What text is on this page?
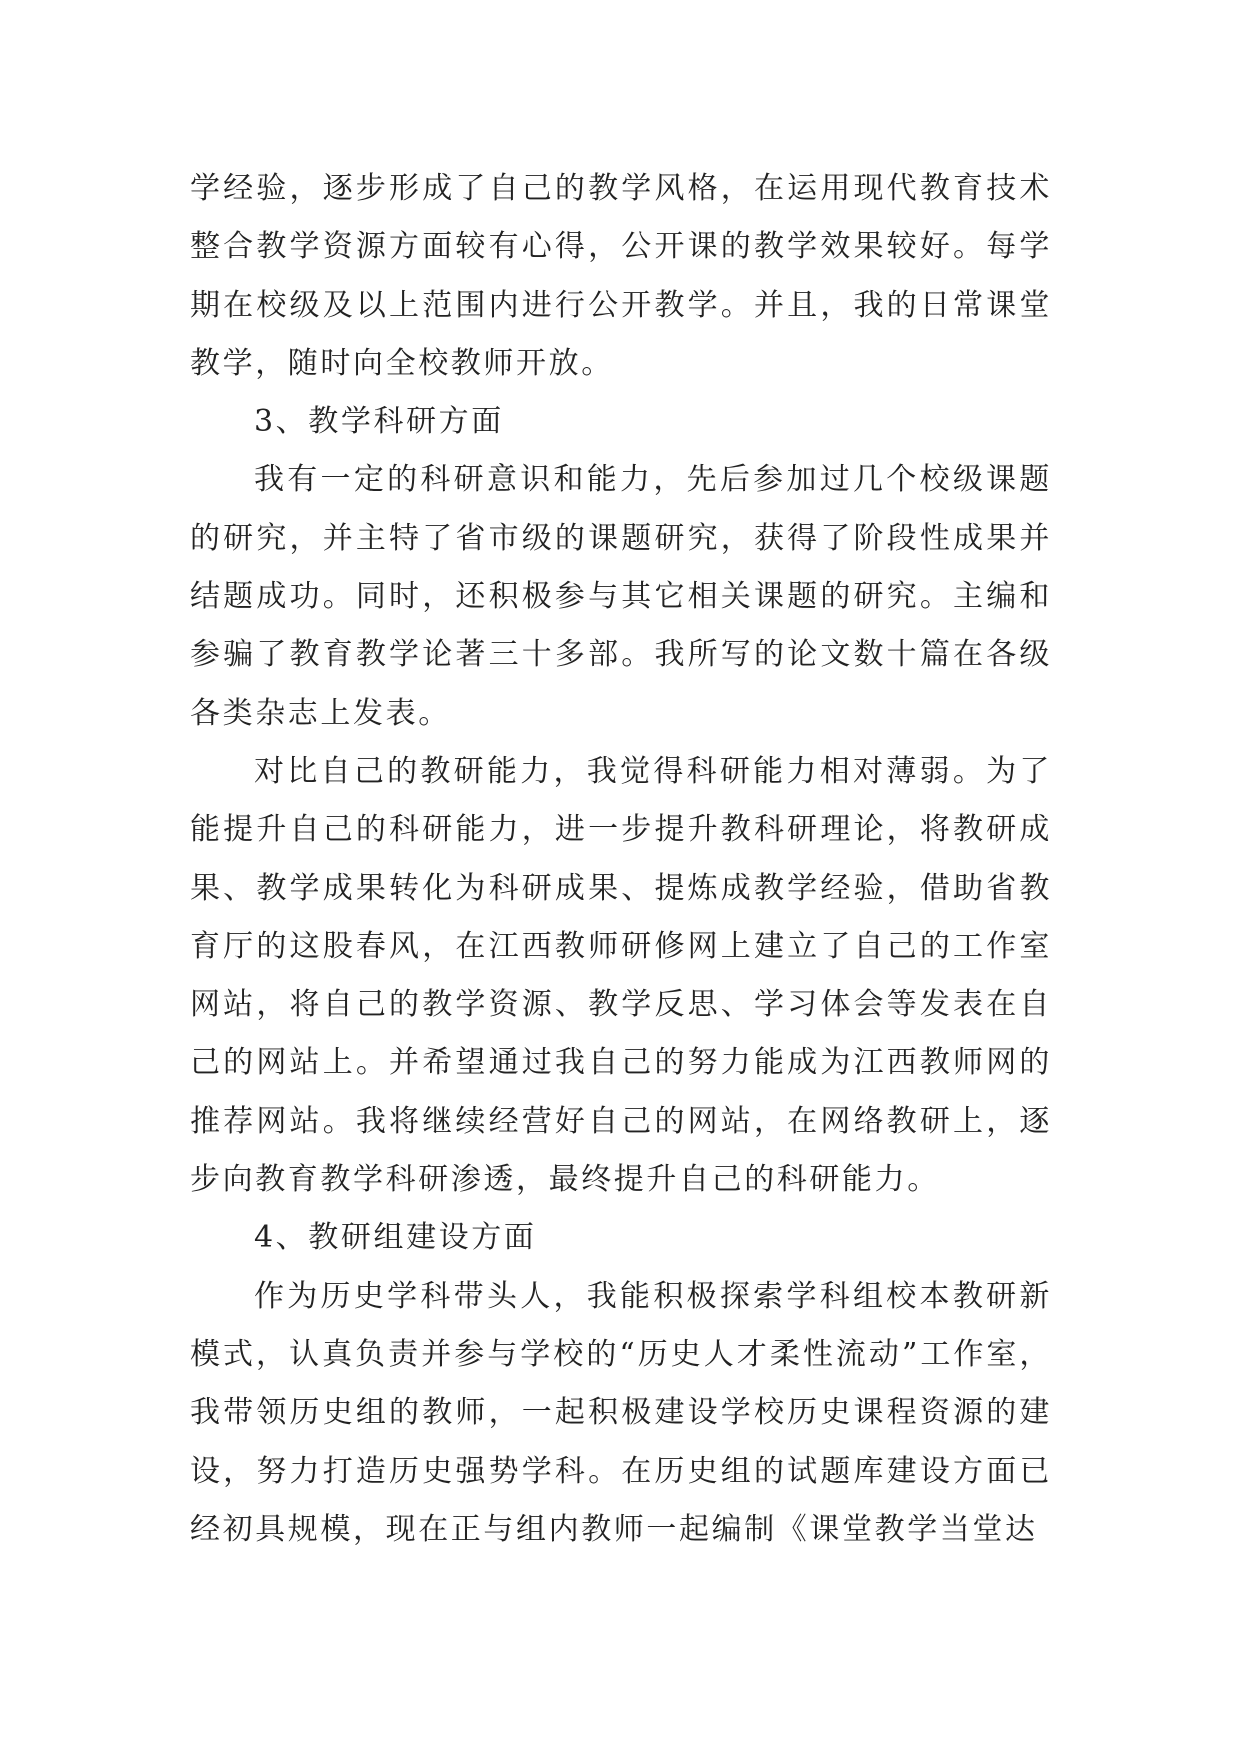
学经验，逐步形成了自己的教学风格，在运用现代教育技术整合教学资源方面较有心得，公开课的教学效果较好。每学期在校级及以上范围内进行公开教学。并且，我的日常课堂教学，随时向全校教师开放。

3、教学科研方面

我有一定的科研意识和能力，先后参加过几个校级课题的研究，并主特了省市级的课题研究，获得了阶段性成果并结题成功。同时，还积极参与其它相关课题的研究。主编和参骗了教育教学论著三十多部。我所写的论文数十篇在各级各类杂志上发表。

对比自己的教研能力，我觉得科研能力相对薄弱。为了能提升自己的科研能力，进一步提升教科研理论，将教研成果、教学成果转化为科研成果、提炼成教学经验，借助省教育厅的这股春风，在江西教师研修网上建立了自己的工作室网站，将自己的教学资源、教学反思、学习体会等发表在自己的网站上。并希望通过我自己的努力能成为江西教师网的推荐网站。我将继续经营好自己的网站，在网络教研上，逐步向教育教学科研渗透，最终提升自己的科研能力。

4、教研组建设方面

作为历史学科带头人，我能积极探索学科组校本教研新模式，认真负责并参与学校的“历史人才柔性流动”工作室，我带领历史组的教师，一起积极建设学校历史课程资源的建设，努力打造历史强势学科。在历史组的试题库建设方面已经初具规模，现在正与组内教师一起编制《课堂教学当堂达
